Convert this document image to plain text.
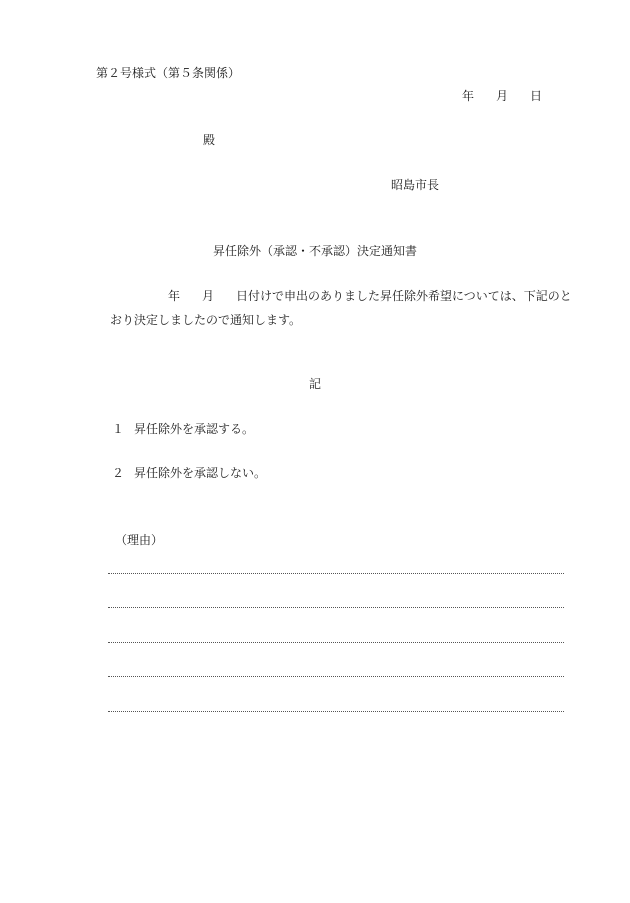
第２号様式（第５条関係）
年 月 日
殿
昭島市長
昇任除外（承認・不承認）決定通知書
年 月 日付けで申出のありました昇任除外希望については、下記のと
おり決定しましたので通知します。
記
１ 昇任除外を承認する。
２ 昇任除外を承認しない。
（理由）
